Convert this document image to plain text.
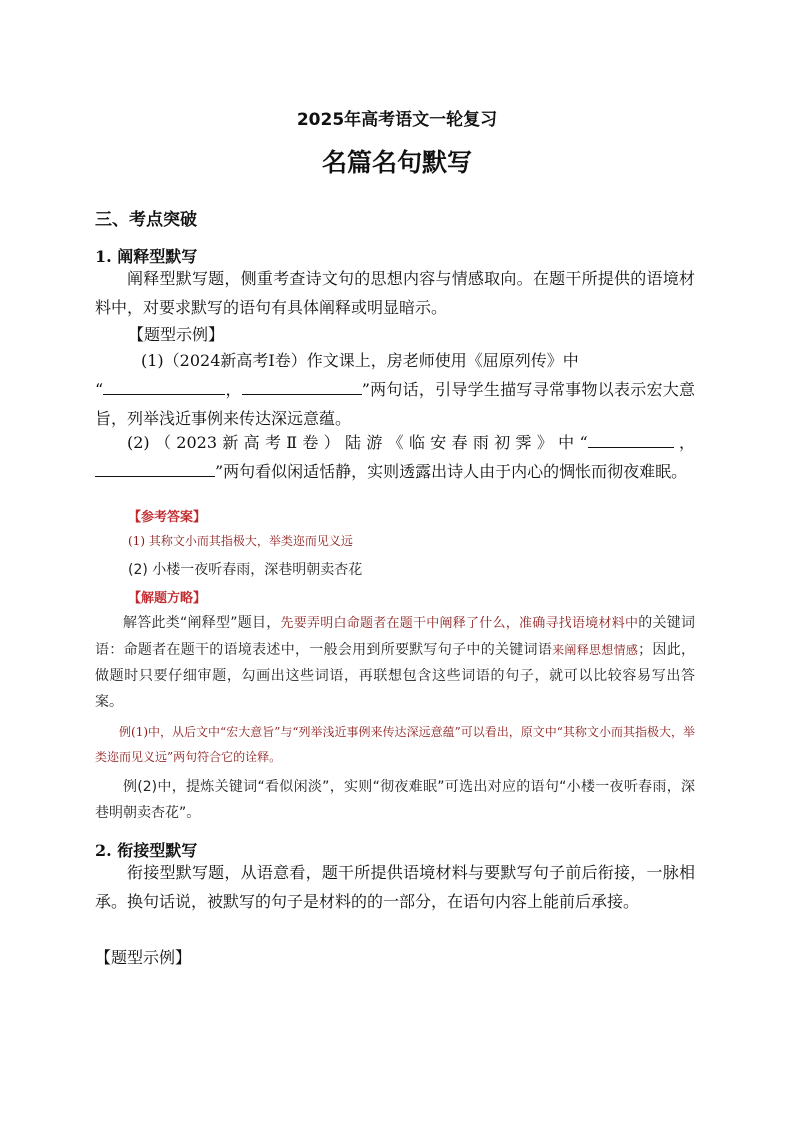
2025年高考语文一轮复习
名篇名句默写
三、考点突破
1. 阐释型默写
阐释型默写题，侧重考查诗文句的思想内容与情感取向。在题干所提供的语境材料中，对要求默写的语句有具体阐释或明显暗示。
【题型示例】
(1)（2024新高考Ⅰ卷）作文课上，房老师使用《屈原列传》中
“	，	”两句话，引导学生描写寻常事物以表示宏大意旨，列举浅近事例来传达深远意蕴。
(2)（2023新高考Ⅱ卷）陆游《临安春雨初霁》中“	，”两句看似闲适恬静，实则透露出诗人由于内心的惆怅而彻夜难眠。
【参考答案】
(1) 其称文小而其指极大，举类迩而见义远
(2) 小楼一夜听春雨，深巷明朝卖杏花
【解题方略】
解答此类“阐释型”题目，先要弄明白命题者在题干中阐释了什么，准确寻找语境材料中的关键词语：命题者在题干的语境表述中，一般会用到所要默写句子中的关键词语来阐释思想情感；因此，做题时只要仔细审题，勾画出这些词语，再联想包含这些词语的句子，就可以比较容易写出答案。
例(1)中，从后文中“宏大意旨”与“列举浅近事例来传达深远意蕴”可以看出，原文中“其称文小而其指极大，举类迩而见义远”两句符合它的诠释。
例(2)中，提炼关键词“看似闲淡”，实则“彻夜难眠”可选出对应的语句“小楼一夜听春雨，深巷明朝卖杏花”。
2. 衔接型默写
衔接型默写题，从语意看，题干所提供语境材料与要默写句子前后衔接，一脉相承。换句话说，被默写的句子是材料的的一部分，在语句内容上能前后承接。
【题型示例】
